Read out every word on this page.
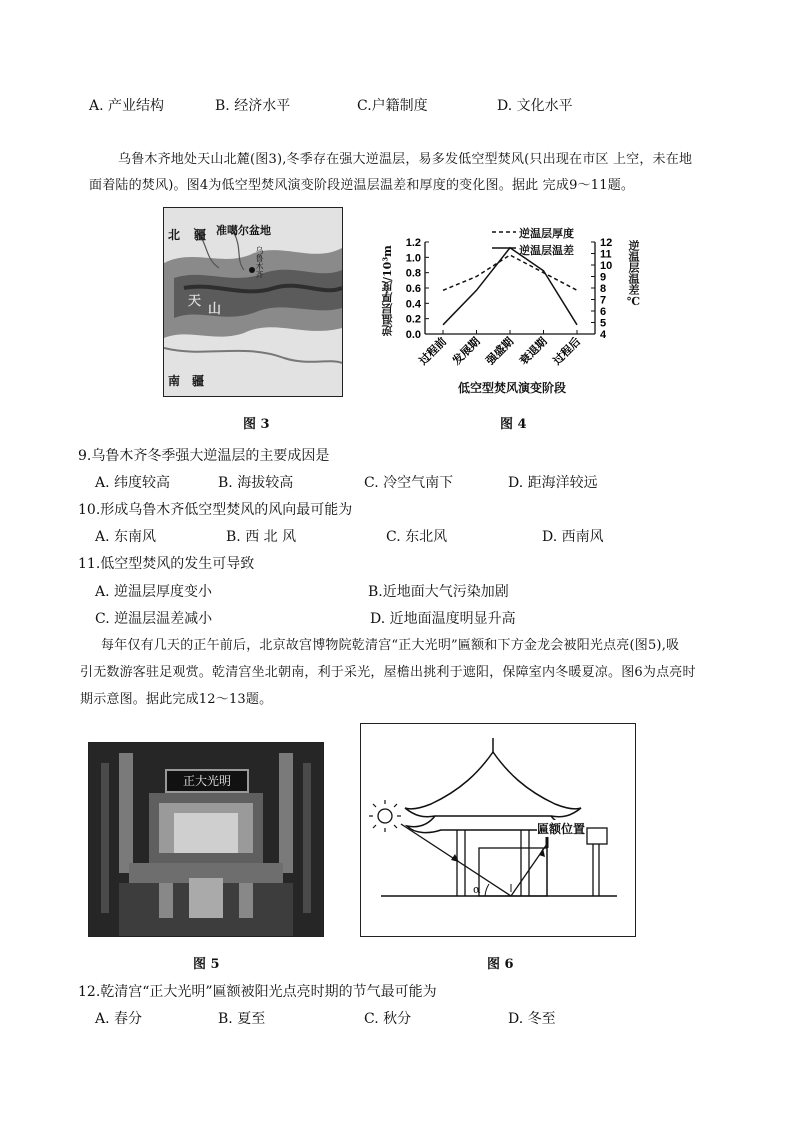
A. 产业结构	B. 经济水平	C.户籍制度	D. 文化水平
乌鲁木齐地处天山北麓(图3),冬季存在强大逆温层，易多发低空型焚风(只出现在市区 上空，未在地
面着陆的焚风)。图4为低空型焚风演变阶段逆温层温差和厚度的变化图。据此 完成9～11题。
北 疆 准噶尔盆地
乌鲁木齐
天
山
南 疆
图 3
0.0
0.2
0.4
0.6
0.8
1.0
1.2
4
5
6
7
8
9
10
11
12
过程前 发展期 强盛期 衰退期 过程后
逆温层厚度/10³m	逆温层温差℃
低空型焚风演变阶段
逆温层厚度
逆温层温差
图 4
9.乌鲁木齐冬季强大逆温层的主要成因是
A. 纬度较高	B. 海拔较高	C. 冷空气南下	D. 距海洋较远
10.形成乌鲁木齐低空型焚风的风向最可能为
A. 东南风	B. 西 北 风	C. 东北风	D. 西南风
11.低空型焚风的发生可导致
A. 逆温层厚度变小	B.近地面大气污染加剧
C. 逆温层温差减小	D. 近地面温度明显升高
每年仅有几天的正午前后，北京故宫博物院乾清宫“正大光明”匾额和下方金龙会被阳光点亮(图5),吸
引无数游客驻足观赏。乾清宫坐北朝南，利于采光，屋檐出挑利于遮阳，保障室内冬暖夏凉。图6为点亮时
期示意图。据此完成12～13题。
正大光明
图 5
匾额位置
α
图 6
12.乾清宫“正大光明”匾额被阳光点亮时期的节气最可能为
A. 春分	B. 夏至	C. 秋分	D. 冬至
